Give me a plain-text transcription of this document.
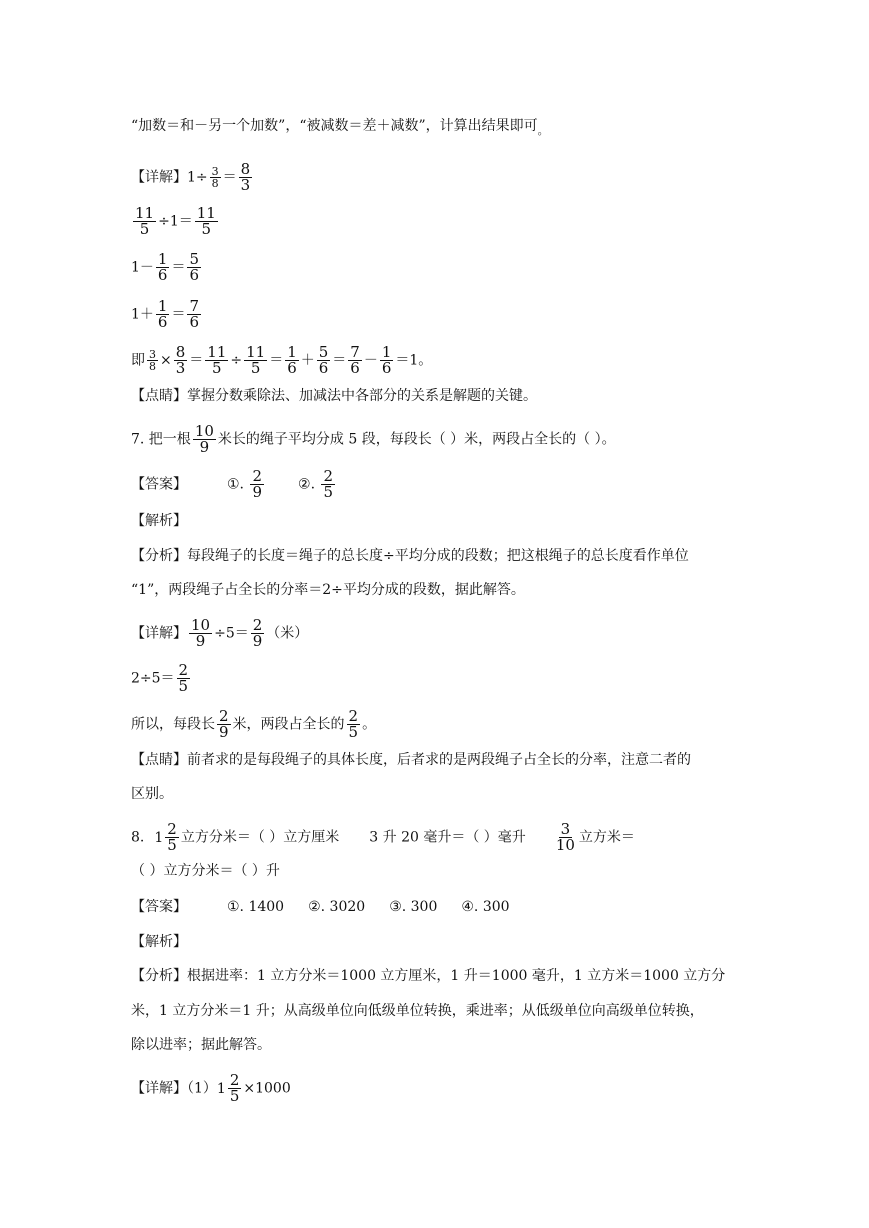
“加数＝和－另一个加数”，“被减数＝差＋减数”，计算出结果即可$_。$
【详解】$1\div \frac{3}{8} = \frac{8}{3}$
$\frac{11}{5} \div 1= \frac{11}{5}$
$1- \frac{1}{6} = \frac{5}{6}$
$1+ \frac{1}{6} = \frac{7}{6}$
即 $\frac{3}{8} \times \frac{8}{3} = \frac{11}{5} \div \frac{11}{5} = \frac{1}{6} + \frac{5}{6} = \frac{7}{6} - \frac{1}{6} =1$。
【点睛】掌握分数乘除法、加减法中各部分的关系是解题的关键。
7. 把一根 $\frac{10}{9}$ 米长的绳子平均分成 5 段，每段长（ ）米，两段占全长的（ ）。
【答案】	①. $\frac{2}{9}$ ②. $\frac{2}{5}$
【解析】
【分析】每段绳子的长度＝绳子的总长度÷平均分成的段数；把这根绳子的总长度看作单位
“1”，两段绳子占全长的分率＝2÷平均分成的段数，据此解答。
【详解】 $\frac{10}{9} \div 5= \frac{2}{9}$ （米）
$2\div 5= \frac{2}{5}$
所以，每段长 $\frac{2}{9}$ 米，两段占全长的 $\frac{2}{5}$ 。
【点睛】前者求的是每段绳子的具体长度，后者求的是两段绳子占全长的分率，注意二者的
区别。
8. $1 \frac{2}{5}$ 立方分米＝（ ）立方厘米 3 升 20 毫升＝（ ）毫升 $\frac{3}{10}$ 立方米＝
（ ）立方分米＝（ ）升
【答案】	①. 1400 ②. 3020 ③. 300 ④. 300
【解析】
【分析】根据进率：1 立方分米＝1000 立方厘米，1 升＝1000 毫升，1 立方米＝1000 立方分
米，1 立方分米＝1 升；从高级单位向低级单位转换，乘进率；从低级单位向高级单位转换，
除以进率；据此解答。
【详解】（1） $1 \frac{2}{5} \times 1000$
